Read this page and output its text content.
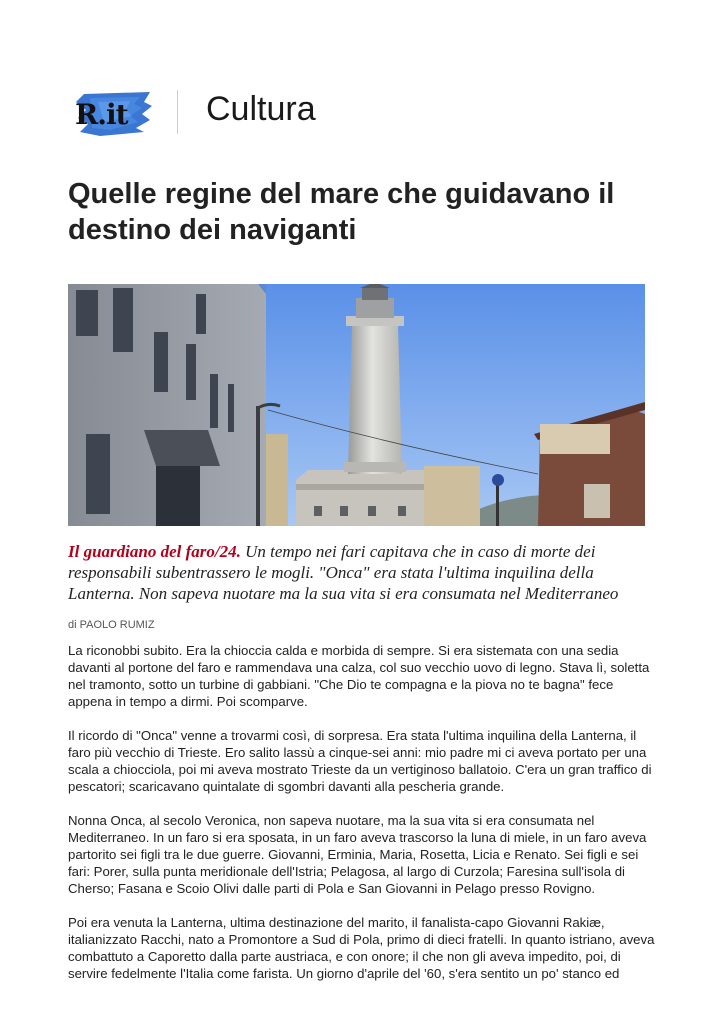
R.it Cultura
Quelle regine del mare che guidavano il destino dei naviganti

Il guardiano del faro/24. Un tempo nei fari capitava che in caso di morte dei responsabili subentrassero le mogli. "Onca" era stata l'ultima inquilina della Lanterna. Non sapeva nuotare ma la sua vita si era consumata nel Mediterraneo

di PAOLO RUMIZ

La riconobbi subito. Era la chioccia calda e morbida di sempre. Si era sistemata con una sedia davanti al portone del faro e rammendava una calza, col suo vecchio uovo di legno. Stava lì, soletta nel tramonto, sotto un turbine di gabbiani. "Che Dio te compagna e la piova no te bagna" fece appena in tempo a dirmi. Poi scomparve.

Il ricordo di "Onca" venne a trovarmi così, di sorpresa. Era stata l'ultima inquilina della Lanterna, il faro più vecchio di Trieste. Ero salito lassù a cinque-sei anni: mio padre mi ci aveva portato per una scala a chiocciola, poi mi aveva mostrato Trieste da un vertiginoso ballatoio. C'era un gran traffico di pescatori; scaricavano quintalate di sgombri davanti alla pescheria grande.

Nonna Onca, al secolo Veronica, non sapeva nuotare, ma la sua vita si era consumata nel Mediterraneo. In un faro si era sposata, in un faro aveva trascorso la luna di miele, in un faro aveva partorito sei figli tra le due guerre. Giovanni, Erminia, Maria, Rosetta, Licia e Renato. Sei figli e sei fari: Porer, sulla punta meridionale dell'Istria; Pelagosa, al largo di Curzola; Faresina sull'isola di Cherso; Fasana e Scoio Olivi dalle parti di Pola e San Giovanni in Pelago presso Rovigno.

Poi era venuta la Lanterna, ultima destinazione del marito, il fanalista-capo Giovanni Rakiæ, italianizzato Racchi, nato a Promontore a Sud di Pola, primo di dieci fratelli. In quanto istriano, aveva combattuto a Caporetto dalla parte austriaca, e con onore; il che non gli aveva impedito, poi, di servire fedelmente l'Italia come farista. Un giorno d'aprile del '60, s'era sentito un po' stanco ed
